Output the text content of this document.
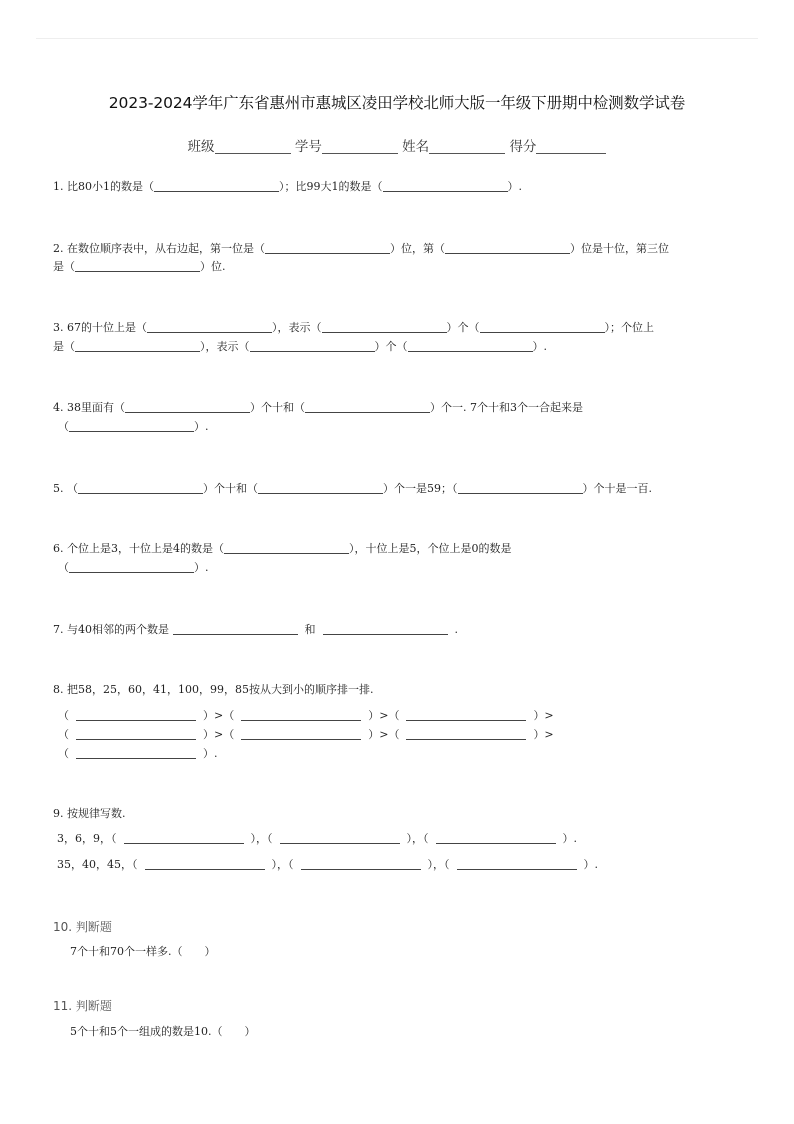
2023-2024学年广东省惠州市惠城区凌田学校北师大版一年级下册期中检测数学试卷
班级	学号	姓名	得分
1. 比80小1的数是（	）；比99大1的数是（	）.
2. 在数位顺序表中，从右边起，第一位是（	）位，第（	）位是十位，第三位
是（	）位.
3. 67的十位上是（	），表示（	）个（	）；个位上
是（	），表示（	）个（	）.
4. 38里面有（	）个十和（	）个一. 7个十和3个一合起来是
（	）.
5. （	）个十和（	）个一是59；（	）个十是一百.
6. 个位上是3，十位上是4的数是（	），十位上是5，个位上是0的数是
（	）.
7. 与40相邻的两个数是	和	.
8. 把58，25，60，41，100，99，85按从大到小的顺序排一排.
（	）>（	）>（	）>
（	）>（	）>（	）>
（	）.
9. 按规律写数.
3，6，9，（	），（	），（	）.
35，40，45，（	），（	），（	）.
10. 判断题
7个十和70个一样多.（　　）
11. 判断题
5个十和5个一组成的数是10.（　　）
